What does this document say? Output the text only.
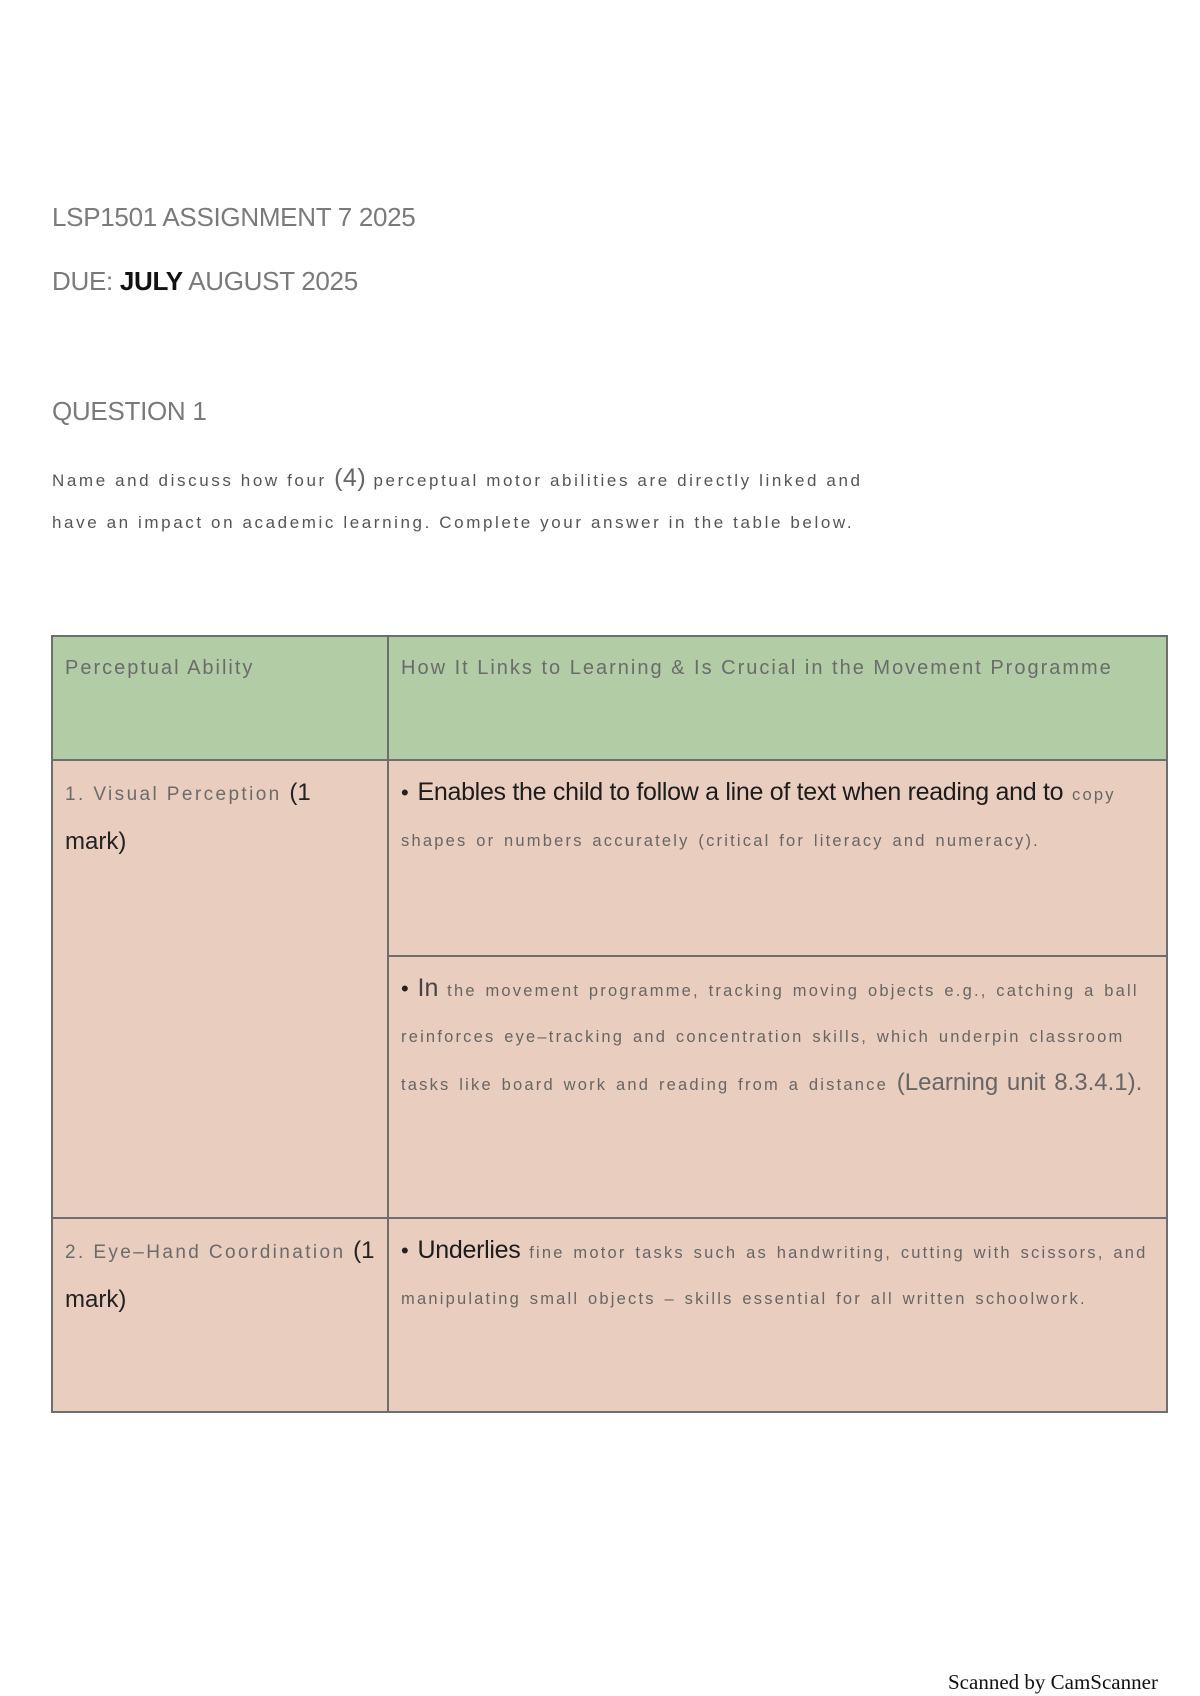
LSP1501 ASSIGNMENT 7 2025
DUE: JULY AUGUST 2025
QUESTION 1
Name and discuss how four (4) perceptual motor abilities are directly linked and
have an impact on academic learning. Complete your answer in the table below.
Perceptual Ability	How It Links to Learning & Is Crucial in the Movement Programme

1. Visual Perception (1 mark)	• Enables the child to follow a line of text when reading and to copy shapes or numbers accurately (critical for literacy and numeracy).

	• In the movement programme, tracking moving objects e.g., catching a ball reinforces eye–tracking and concentration skills, which underpin classroom tasks like board work and reading from a distance (Learning unit 8.3.4.1).

2. Eye–Hand Coordination (1 mark)	• Underlies fine motor tasks such as handwriting, cutting with scissors, and manipulating small objects – skills essential for all written schoolwork.
Scanned by CamScanner
